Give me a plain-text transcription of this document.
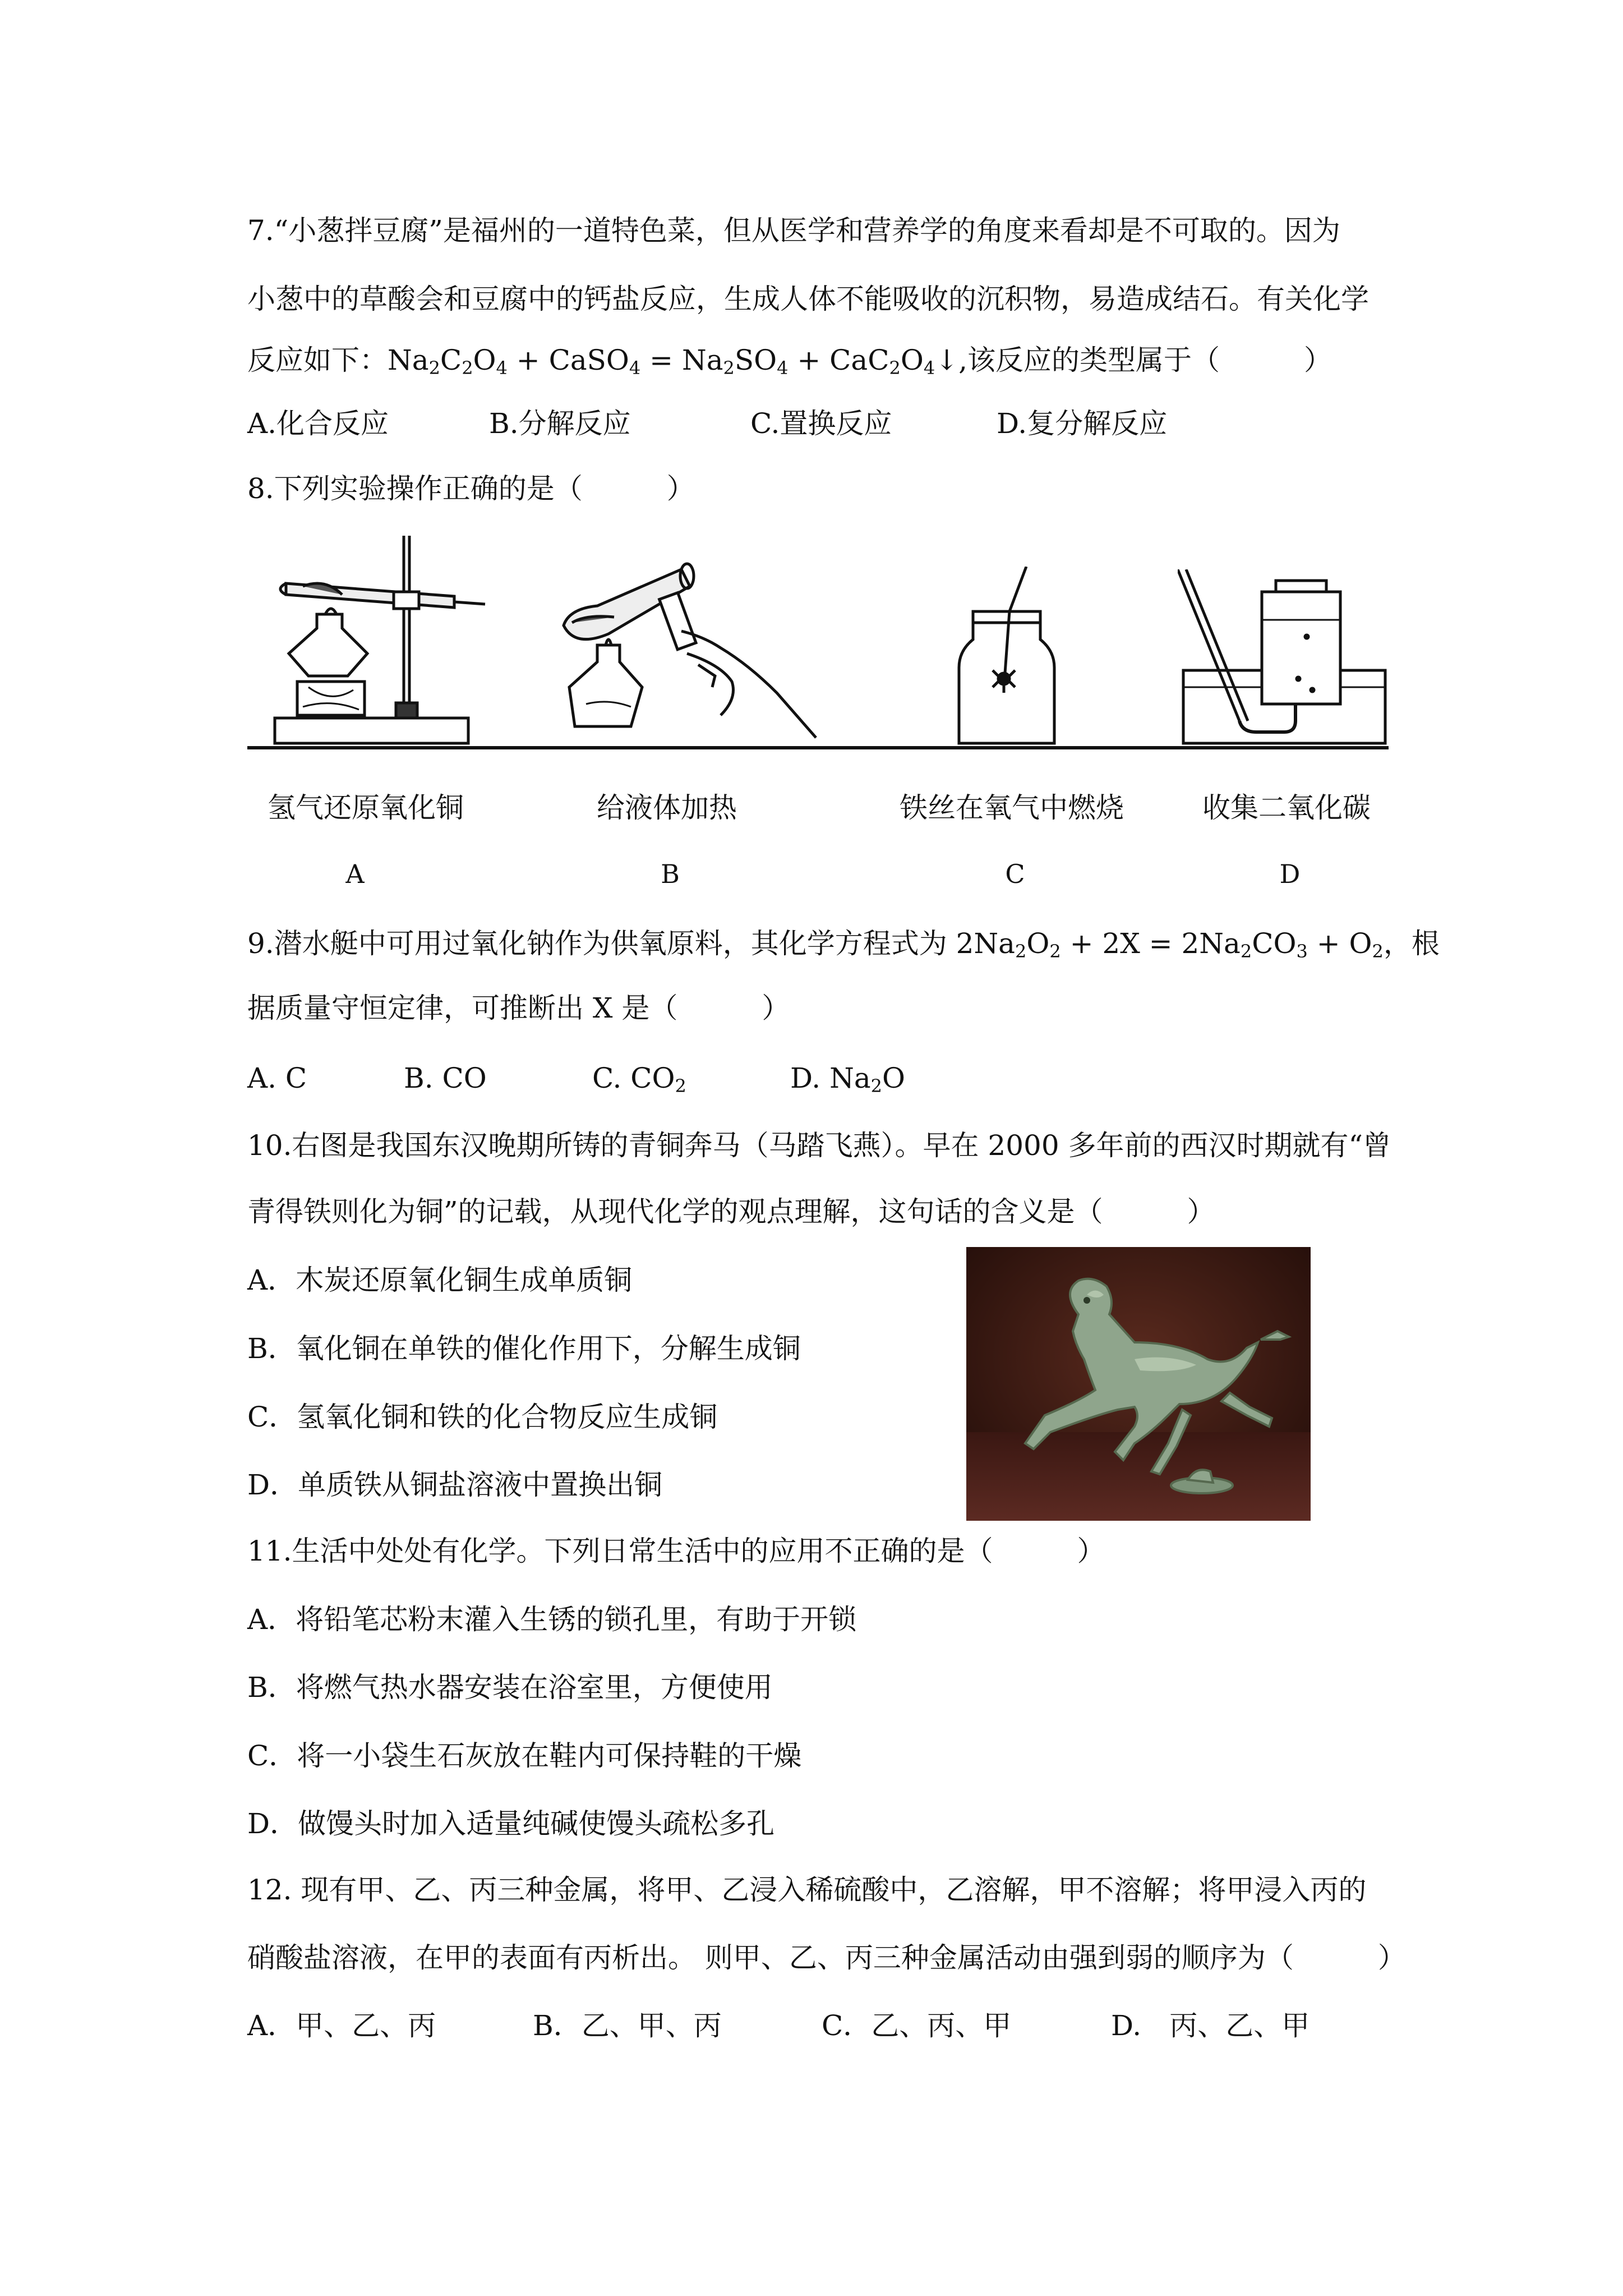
7.“小葱拌豆腐”是福州的一道特色菜，但从医学和营养学的角度来看却是不可取的。因为
小葱中的草酸会和豆腐中的钙盐反应，生成人体不能吸收的沉积物，易造成结石。有关化学
反应如下：$Na_2C_2O_4$ + CaSO$_4$ = $Na_2SO_4$ + $CaC_2O_4↓$,该反应的类型属于（　　　）
A.化合反应	B.分解反应	C.置换反应	D.复分解反应
8.下列实验操作正确的是（　　　）
氢气还原氧化铜	给液体加热	铁丝在氧气中燃烧	收集二氧化碳
A	B	C	D
9.潜水艇中可用过氧化钠作为供氧原料，其化学方程式为 $2Na_2O_2 + 2X = 2Na_2CO_3 + O_2$，根
据质量守恒定律，可推断出 X 是（　　　）
A. C	B. CO	C. $CO_2$	D. $Na_2O$
10.右图是我国东汉晚期所铸的青铜奔马（马踏飞燕）。早在 2000 多年前的西汉时期就有“曾
青得铁则化为铜”的记载，从现代化学的观点理解，这句话的含义是（　　　）
A．木炭还原氧化铜生成单质铜
B．氧化铜在单铁的催化作用下，分解生成铜
C．氢氧化铜和铁的化合物反应生成铜
D．单质铁从铜盐溶液中置换出铜
11.生活中处处有化学。下列日常生活中的应用不正确的是（　　　）
A．将铅笔芯粉末灌入生锈的锁孔里，有助于开锁
B．将燃气热水器安装在浴室里，方便使用
C．将一小袋生石灰放在鞋内可保持鞋的干燥
D．做馒头时加入适量纯碱使馒头疏松多孔
12. 现有甲、乙、丙三种金属，将甲、乙浸入稀硫酸中，乙溶解，甲不溶解；将甲浸入丙的
硝酸盐溶液，在甲的表面有丙析出。 则甲、乙、丙三种金属活动由强到弱的顺序为（　　　）
A．甲、乙、丙	B．乙、甲、丙	C．乙、丙、甲	D.　丙、乙、甲
